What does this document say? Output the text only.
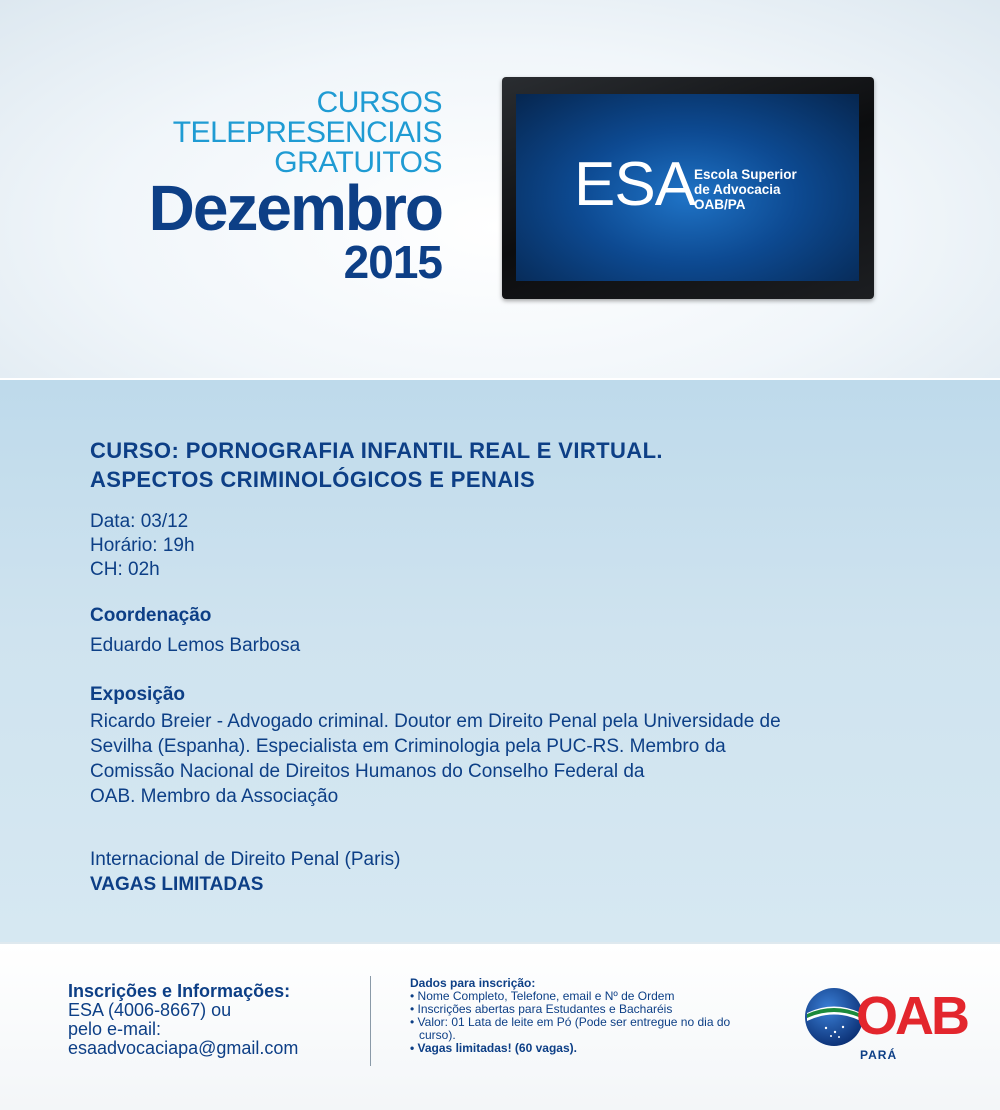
CURSOS
TELEPRESENCIAIS
GRATUITOS
Dezembro
2015
ESA
Escola Superior
de Advocacia
OAB/PA
CURSO: PORNOGRAFIA INFANTIL REAL E VIRTUAL.
ASPECTOS CRIMINOLÓGICOS E PENAIS
Data: 03/12
Horário: 19h
CH: 02h
Coordenação
Eduardo Lemos Barbosa
Exposição
Ricardo Breier - Advogado criminal. Doutor em Direito Penal pela Universidade de
Sevilha (Espanha). Especialista em Criminologia pela PUC-RS. Membro da
Comissão Nacional de Direitos Humanos do Conselho Federal da
OAB. Membro da Associação
Internacional de Direito Penal (Paris)
VAGAS LIMITADAS
Inscrições e Informações:
ESA (4006-8667) ou
pelo e-mail:
esaadvocaciapa@gmail.com
Dados para inscrição:
• Nome Completo, Telefone, email e Nº de Ordem
• Inscrições abertas para Estudantes e Bacharéis
• Valor: 01 Lata de leite em Pó (Pode ser entregue no dia do curso).
• Vagas limitadas! (60 vagas).
OAB
PARÁ
